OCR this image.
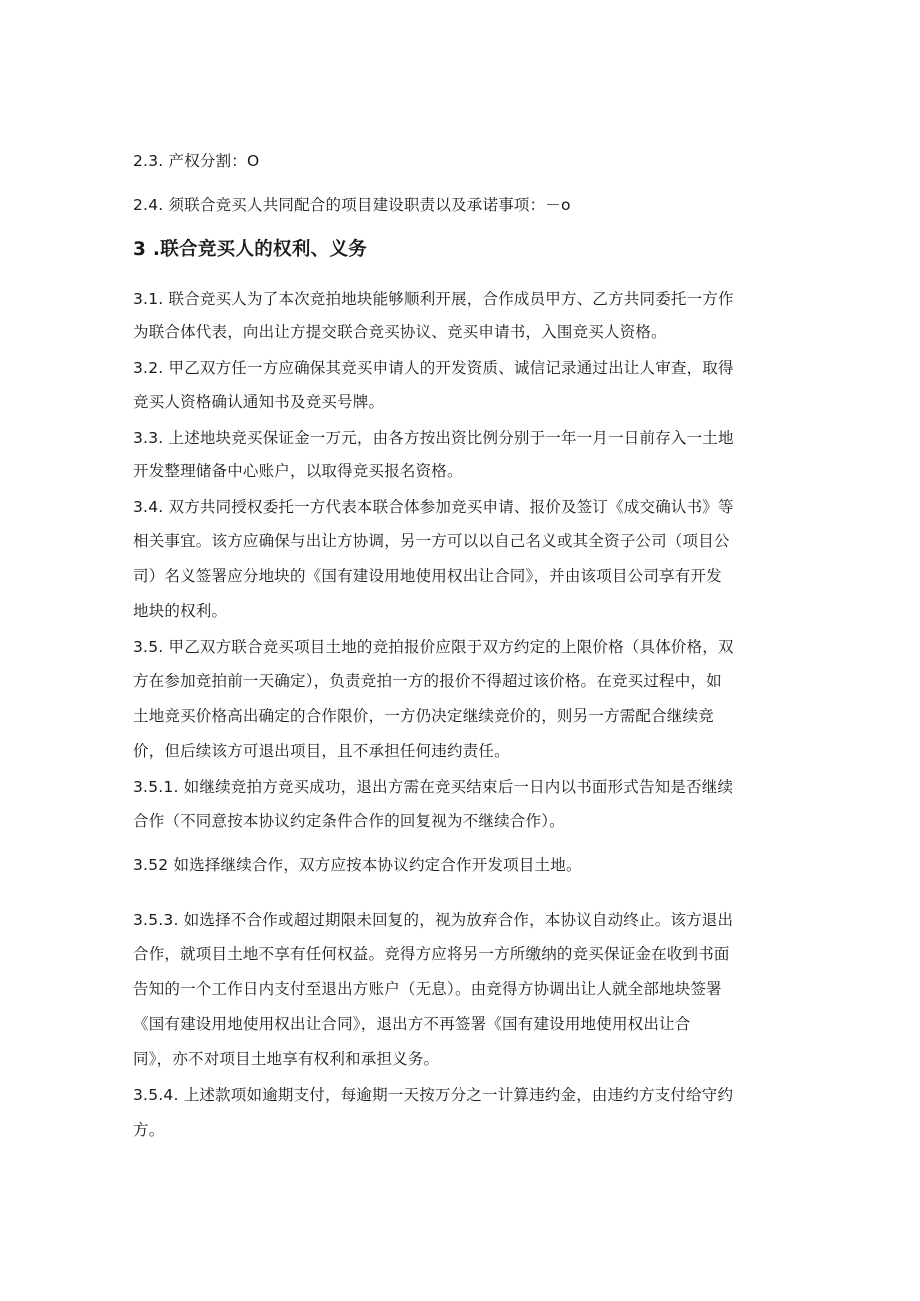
2.3. 产权分割：O
2.4. 须联合竞买人共同配合的项目建设职责以及承诺事项：－o
3 .联合竞买人的权利、义务
3.1. 联合竞买人为了本次竞拍地块能够顺利开展，合作成员甲方、乙方共同委托一方作
为联合体代表，向出让方提交联合竞买协议、竞买申请书，入围竞买人资格。
3.2. 甲乙双方任一方应确保其竞买申请人的开发资质、诚信记录通过出让人审查，取得
竞买人资格确认通知书及竞买号牌。
3.3. 上述地块竞买保证金一万元，由各方按出资比例分别于一年一月一日前存入一土地
开发整理储备中心账户，以取得竞买报名资格。
3.4. 双方共同授权委托一方代表本联合体参加竞买申请、报价及签订《成交确认书》等
相关事宜。该方应确保与出让方协调，另一方可以以自己名义或其全资子公司（项目公
司）名义签署应分地块的《国有建设用地使用权出让合同》，并由该项目公司享有开发
地块的权利。
3.5. 甲乙双方联合竞买项目土地的竞拍报价应限于双方约定的上限价格（具体价格，双
方在参加竞拍前一天确定），负责竞拍一方的报价不得超过该价格。在竞买过程中，如
土地竞买价格高出确定的合作限价，一方仍决定继续竞价的，则另一方需配合继续竞
价，但后续该方可退出项目，且不承担任何违约责任。
3.5.1. 如继续竞拍方竞买成功，退出方需在竞买结束后一日内以书面形式告知是否继续
合作（不同意按本协议约定条件合作的回复视为不继续合作）。
3.52 如选择继续合作，双方应按本协议约定合作开发项目土地。
3.5.3. 如选择不合作或超过期限未回复的，视为放弃合作，本协议自动终止。该方退出
合作，就项目土地不享有任何权益。竞得方应将另一方所缴纳的竞买保证金在收到书面
告知的一个工作日内支付至退出方账户（无息）。由竞得方协调出让人就全部地块签署
《国有建设用地使用权出让合同》，退出方不再签署《国有建设用地使用权出让合
同》，亦不对项目土地享有权利和承担义务。
3.5.4. 上述款项如逾期支付，每逾期一天按万分之一计算违约金，由违约方支付给守约
方。
